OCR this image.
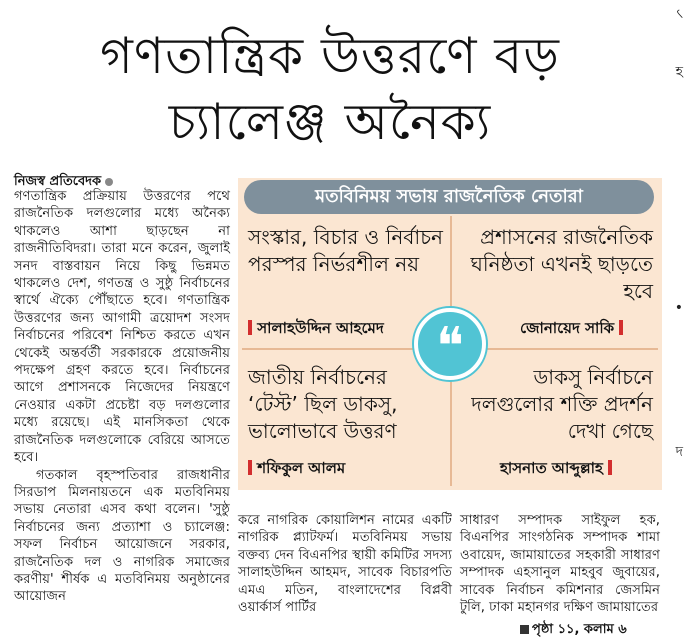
গণতান্ত্রিক উত্তরণে বড়
চ্যালেঞ্জ অনৈক্য
নিজস্ব প্রতিবেদক
গণতান্ত্রিক প্রক্রিয়ায় উত্তরণের পথে রাজনৈতিক দলগুলোর মধ্যে অনৈক্য থাকলেও আশা ছাড়ছেন না রাজনীতিবিদরা। তারা মনে করেন, জুলাই সনদ বাস্তবায়ন নিয়ে কিছু ভিন্নমত থাকলেও দেশ, গণতন্ত্র ও সুষ্ঠু নির্বাচনের স্বার্থে ঐক্যে পৌঁছাতে হবে। গণতান্ত্রিক উত্তরণের জন্য আগামী ত্রয়োদশ সংসদ নির্বাচনের পরিবেশ নিশ্চিত করতে এখন থেকেই অন্তর্বর্তী সরকারকে প্রয়োজনীয় পদক্ষেপ গ্রহণ করতে হবে। নির্বাচনের আগে প্রশাসনকে নিজেদের নিয়ন্ত্রণে নেওয়ার একটা প্রচেষ্টা বড় দলগুলোর মধ্যে রয়েছে। এই মানসিকতা থেকে রাজনৈতিক দলগুলোকে বেরিয়ে আসতে হবে।
গতকাল বৃহস্পতিবার রাজধানীর সিরডাপ মিলনায়তনে এক মতবিনিময় সভায় নেতারা এসব কথা বলেন। 'সুষ্ঠু নির্বাচনের জন্য প্রত্যাশা ও চ্যালেঞ্জ: সফল নির্বাচন আয়োজনে সরকার, রাজনৈতিক দল ও নাগরিক সমাজের করণীয়' শীর্ষক এ মতবিনিময় অনুষ্ঠানের আয়োজন
মতবিনিময় সভায় রাজনৈতিক নেতারা
সংস্কার, বিচার ও নির্বাচন পরস্পর নির্ভরশীল নয়
সালাহউদ্দিন আহমেদ
প্রশাসনের রাজনৈতিক ঘনিষ্ঠতা এখনই ছাড়তে হবে
জোনায়েদ সাকি
জাতীয় নির্বাচনের ‘টেস্ট’ ছিল ডাকসু, ভালোভাবে উত্তরণ
শফিকুল আলম
ডাকসু নির্বাচনে দলগুলোর শক্তি প্রদর্শন দেখা গেছে
হাসনাত আব্দুল্লাহ
❝
করে নাগরিক কোয়ালিশন নামের একটি নাগরিক প্ল্যাটফর্ম। মতবিনিময় সভায় বক্তব্য দেন বিএনপির স্থায়ী কমিটির সদস্য সালাহউদ্দিন আহমদ, সাবেক বিচারপতি এমএ মতিন, বাংলাদেশের বিপ্লবী ওয়ার্কার্স পার্টির
সাধারণ সম্পাদক সাইফুল হক, বিএনপির সাংগঠনিক সম্পাদক শামা ওবায়েদ, জামায়াতের সহকারী সাধারণ সম্পাদক এহসানুল মাহবুব জুবায়ের, সাবেক নির্বাচন কমিশনার জেসমিন টুলি, ঢাকা মহানগর দক্ষিণ জামায়াতের
পৃষ্ঠা ১১, কলাম ৬
৻
হ
•
দ
